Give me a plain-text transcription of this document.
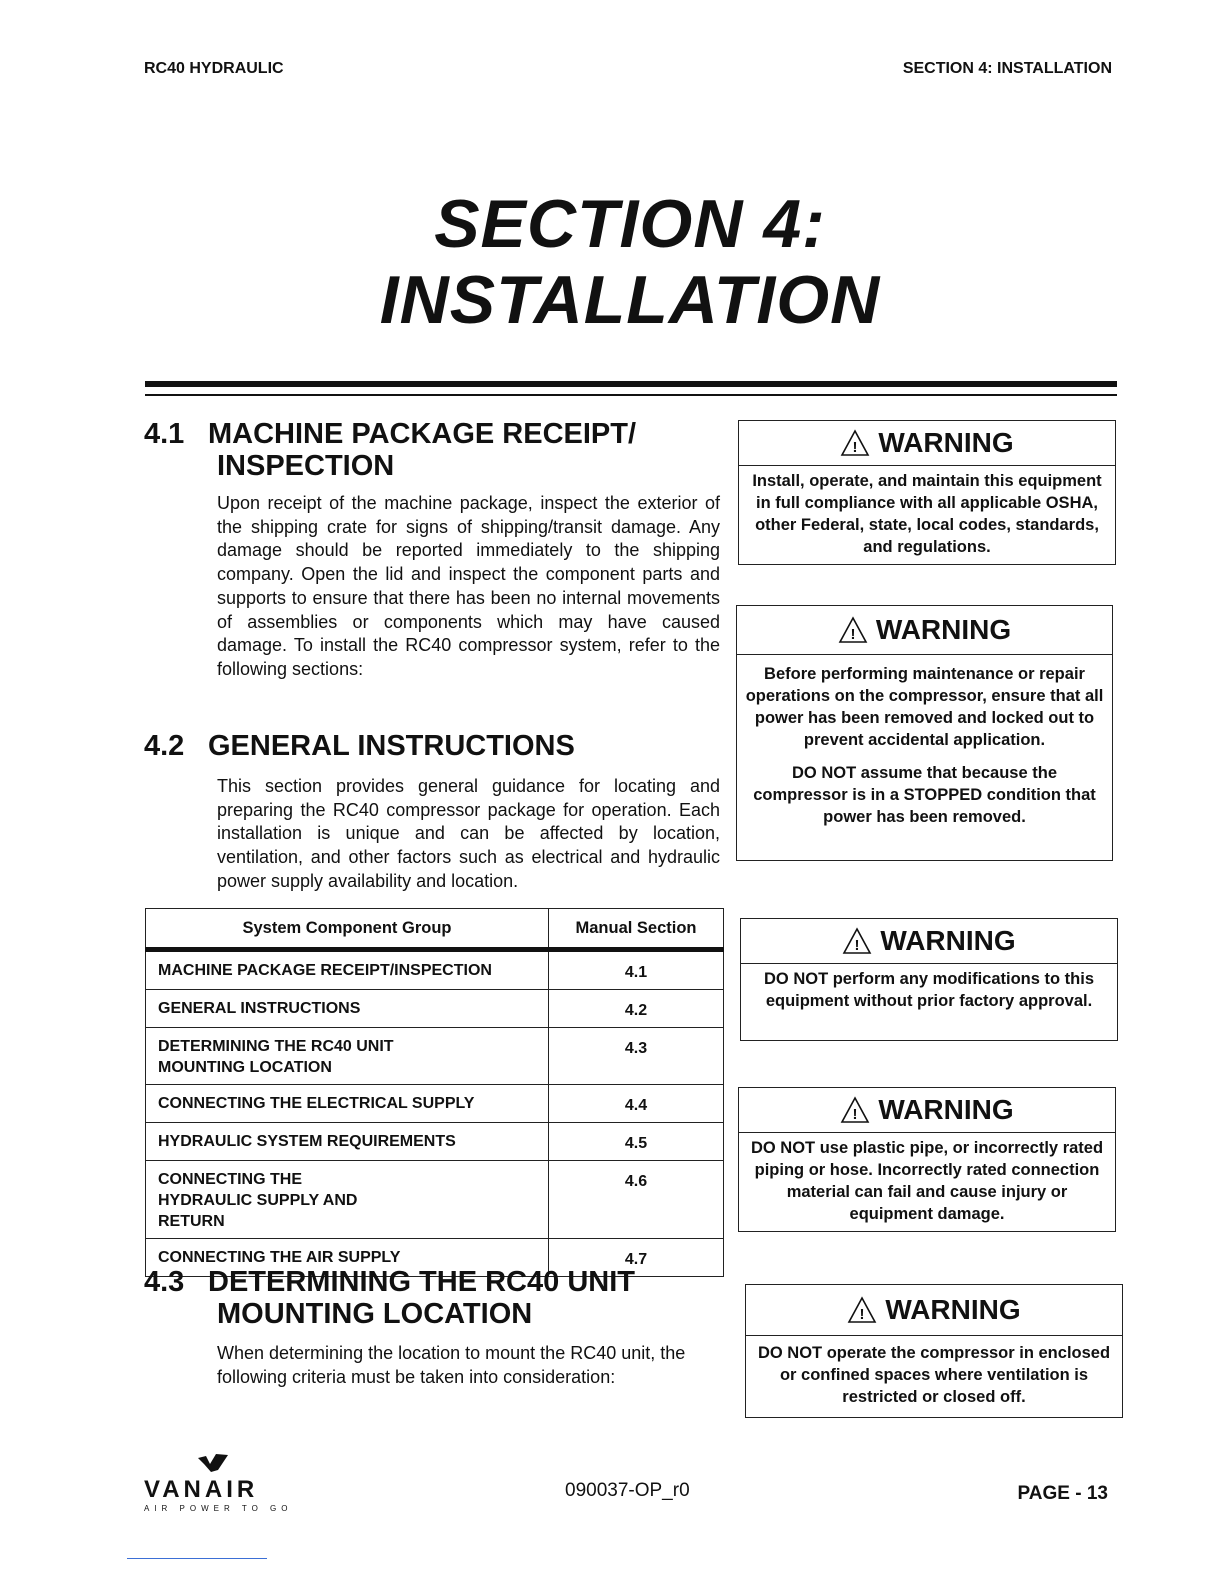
RC40 HYDRAULIC	SECTION 4: INSTALLATION
SECTION 4:
INSTALLATION
4.1 MACHINE PACKAGE RECEIPT/
INSPECTION
Upon receipt of the machine package, inspect the exterior of the shipping crate for signs of shipping/transit damage. Any damage should be reported immediately to the shipping company. Open the lid and inspect the component parts and supports to ensure that there has been no internal movements of assemblies or components which may have caused damage. To install the RC40 compressor system, refer to the following sections:
4.2 GENERAL INSTRUCTIONS
This section provides general guidance for locating and preparing the RC40 compressor package for operation. Each installation is unique and can be affected by location, ventilation, and other factors such as electrical and hydraulic power supply availability and location.
System Component Group	Manual Section
MACHINE PACKAGE RECEIPT/INSPECTION	4.1
GENERAL INSTRUCTIONS	4.2
DETERMINING THE RC40 UNIT MOUNTING LOCATION	4.3
CONNECTING THE ELECTRICAL SUPPLY	4.4
HYDRAULIC SYSTEM REQUIREMENTS	4.5
CONNECTING THE HYDRAULIC SUPPLY AND RETURN	4.6
CONNECTING THE AIR SUPPLY	4.7
4.3 DETERMINING THE RC40 UNIT
MOUNTING LOCATION
When determining the location to mount the RC40 unit, the following criteria must be taken into consideration:
! WARNING

Install, operate, and maintain this equipment in full compliance with all applicable OSHA, other Federal, state, local codes, standards, and regulations.

! WARNING

Before performing maintenance or repair operations on the compressor, ensure that all power has been removed and locked out to prevent accidental application.

DO NOT assume that because the compressor is in a STOPPED condition that power has been removed.

! WARNING

DO NOT perform any modifications to this equipment without prior factory approval.

! WARNING

DO NOT use plastic pipe, or incorrectly rated piping or hose. Incorrectly rated connection material can fail and cause injury or equipment damage.

! WARNING

DO NOT operate the compressor in enclosed or confined spaces where ventilation is restricted or closed off.

VANAIR
AIR POWER TO GO
090037-OP_r0	PAGE - 13
